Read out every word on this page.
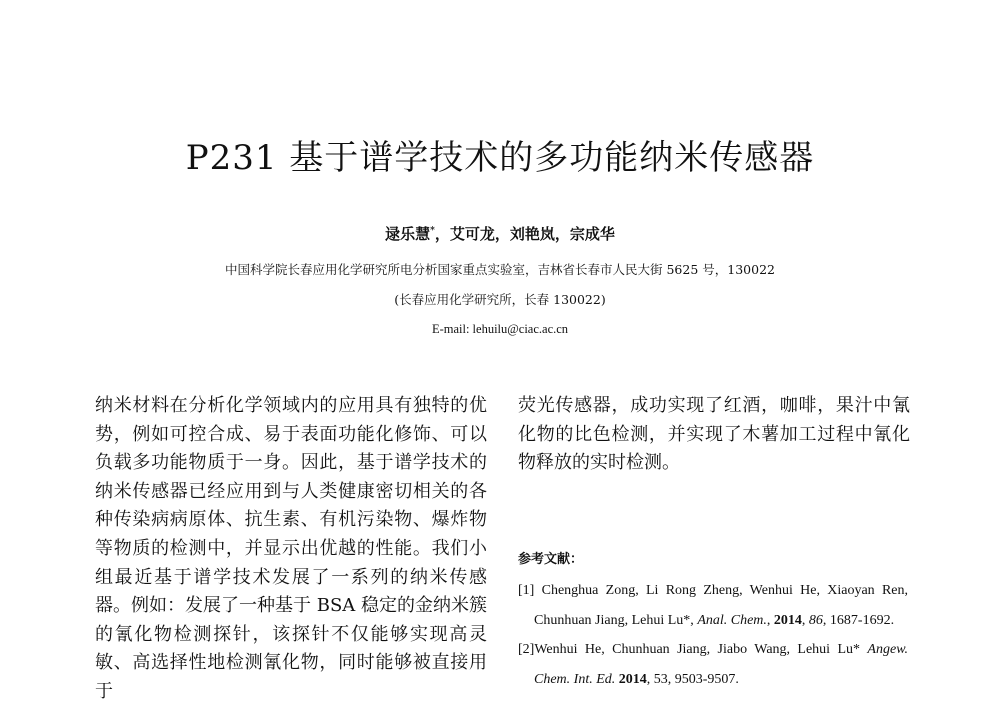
P231 基于谱学技术的多功能纳米传感器
逯乐慧*，艾可龙，刘艳岚，宗成华
中国科学院长春应用化学研究所电分析国家重点实验室，吉林省长春市人民大街 5625 号，130022
(长春应用化学研究所，长春 130022)
E-mail: lehuilu@ciac.ac.cn

纳米材料在分析化学领域内的应用具有独特的优势，例如可控合成、易于表面功能化修饰、可以负载多功能物质于一身。因此，基于谱学技术的纳米传感器已经应用到与人类健康密切相关的各种传染病病原体、抗生素、有机污染物、爆炸物等物质的检测中，并显示出优越的性能。我们小组最近基于谱学技术发展了一系列的纳米传感器。例如：发展了一种基于 BSA 稳定的金纳米簇的氰化物检测探针，该探针不仅能够实现高灵敏、高选择性地检测氰化物，同时能够被直接用于

荧光传感器，成功实现了红酒，咖啡，果汁中氰化物的比色检测，并实现了木薯加工过程中氰化物释放的实时检测。

参考文献：

[1] Chenghua Zong, Li Rong Zheng, Wenhui He, Xiaoyan Ren, Chunhuan Jiang, Lehui Lu*, Anal. Chem., 2014, 86, 1687-1692.

[2]Wenhui He, Chunhuan Jiang, Jiabo Wang, Lehui Lu* Angew. Chem. Int. Ed. 2014, 53, 9503-9507.
